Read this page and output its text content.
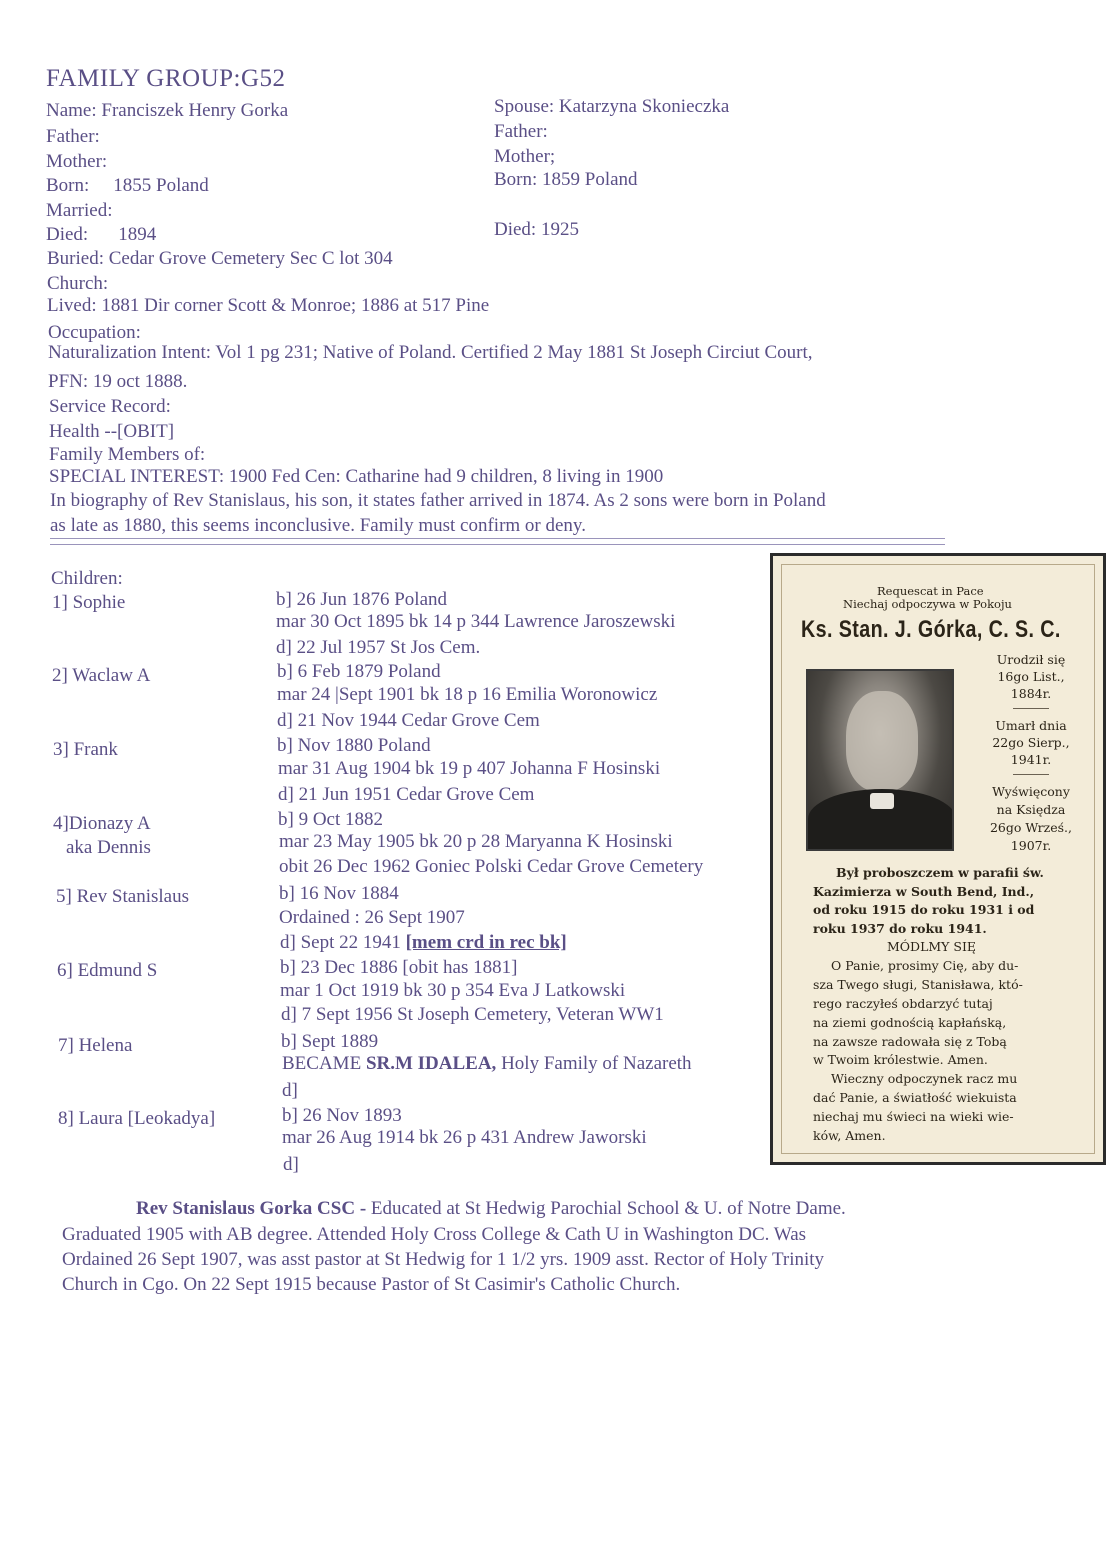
FAMILY GROUP:G52
Name: Franciszek Henry Gorka
Father:
Mother:
Born: 1855 Poland
Married:
Died: 1894
Buried: Cedar Grove Cemetery Sec C lot 304
Church:
Lived: 1881 Dir corner Scott & Monroe; 1886 at 517 Pine
Occupation:
Naturalization Intent: Vol 1 pg 231; Native of Poland. Certified 2 May 1881 St Joseph Circiut Court,
PFN: 19 oct 1888.
Service Record:
Health --[OBIT]
Family Members of:
SPECIAL INTEREST: 1900 Fed Cen: Catharine had 9 children, 8 living in 1900
In biography of Rev Stanislaus, his son, it states father arrived in 1874. As 2 sons were born in Poland
as late as 1880, this seems inconclusive. Family must confirm or deny.
Spouse: Katarzyna Skonieczka
Father:
Mother;
Born: 1859 Poland
Died: 1925
Children:
1] Sophie	b] 26 Jun 1876 Poland
mar 30 Oct 1895 bk 14 p 344 Lawrence Jaroszewski
d] 22 Jul 1957 St Jos Cem.
2] Waclaw A	b] 6 Feb 1879 Poland
mar 24 |Sept 1901 bk 18 p 16 Emilia Woronowicz
d] 21 Nov 1944 Cedar Grove Cem
3] Frank	b] Nov 1880 Poland
mar 31 Aug 1904 bk 19 p 407 Johanna F Hosinski
d] 21 Jun 1951 Cedar Grove Cem
4]Dionazy A
aka Dennis
b] 9 Oct 1882
mar 23 May 1905 bk 20 p 28 Maryanna K Hosinski
obit 26 Dec 1962 Goniec Polski Cedar Grove Cemetery
5] Rev Stanislaus	b] 16 Nov 1884
Ordained : 26 Sept 1907
d] Sept 22 1941 [mem crd in rec bk]
6] Edmund S	b] 23 Dec 1886 [obit has 1881]
mar 1 Oct 1919 bk 30 p 354 Eva J Latkowski
d] 7 Sept 1956 St Joseph Cemetery, Veteran WW1
7] Helena	b] Sept 1889
BECAME SR.M IDALEA, Holy Family of Nazareth
d]
8] Laura [Leokadya]	b] 26 Nov 1893
mar 26 Aug 1914 bk 26 p 431 Andrew Jaworski
d]
Rev Stanislaus Gorka CSC - Educated at St Hedwig Parochial School & U. of Notre Dame.
Graduated 1905 with AB degree. Attended Holy Cross College & Cath U in Washington DC. Was
Ordained 26 Sept 1907, was asst pastor at St Hedwig for 1 1/2 yrs. 1909 asst. Rector of Holy Trinity
Church in Cgo. On 22 Sept 1915 because Pastor of St Casimir's Catholic Church.
Requescat in Pace
Niechaj odpoczywa w Pokoju
Ks. Stan. J. Górka, C. S. C.
Urodził się
16go List.,
1884r.
Umarł dnia
22go Sierp.,
1941r.
Wyświęcony
na Księdza
26go Wrześ.,
1907r.
Był proboszczem w parafii św.
Kazimierza w South Bend, Ind.,
od roku 1915 do roku 1931 i od
roku 1937 do roku 1941.
MÓDLMY SIĘ
O Panie, prosimy Cię, aby du-
sza Twego sługi, Stanisława, któ-
rego raczyłeś obdarzyć tutaj
na ziemi godnością kapłańską,
na zawsze radowała się z Tobą
w Twoim królestwie. Amen.
Wieczny odpoczynek racz mu
dać Panie, a światłość wiekuista
niechaj mu świeci na wieki wie-
ków, Amen.
